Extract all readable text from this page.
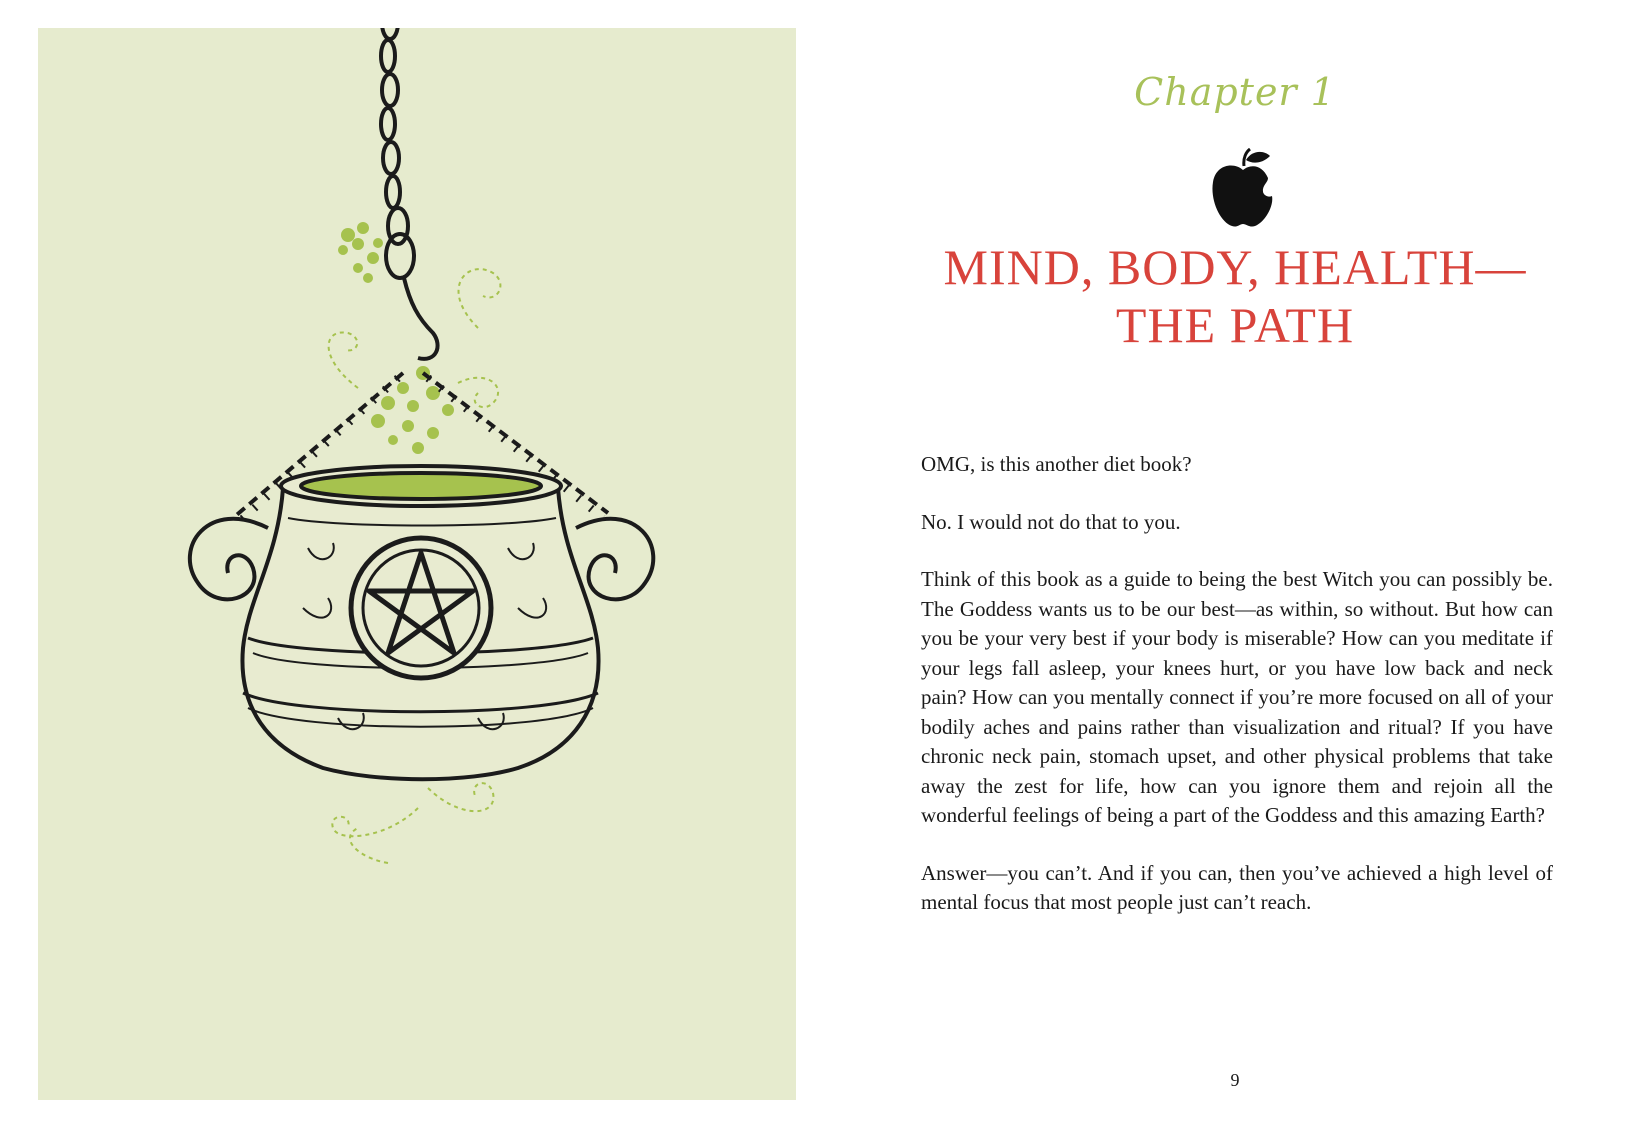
Chapter 1
MIND, BODY, HEALTH—
THE PATH

OMG, is this another diet book?

No. I would not do that to you.

Think of this book as a guide to being the best Witch you can possibly be. The Goddess wants us to be our best—as within, so without. But how can you be your very best if your body is miserable? How can you meditate if your legs fall asleep, your knees hurt, or you have low back and neck pain? How can you mentally connect if you’re more focused on all of your bodily aches and pains rather than visualization and ritual? If you have chronic neck pain, stomach upset, and other physical problems that take away the zest for life, how can you ignore them and rejoin all the wonderful feelings of being a part of the Goddess and this amazing Earth?

Answer—you can’t. And if you can, then you’ve achieved a high level of mental focus that most people just can’t reach.

9
